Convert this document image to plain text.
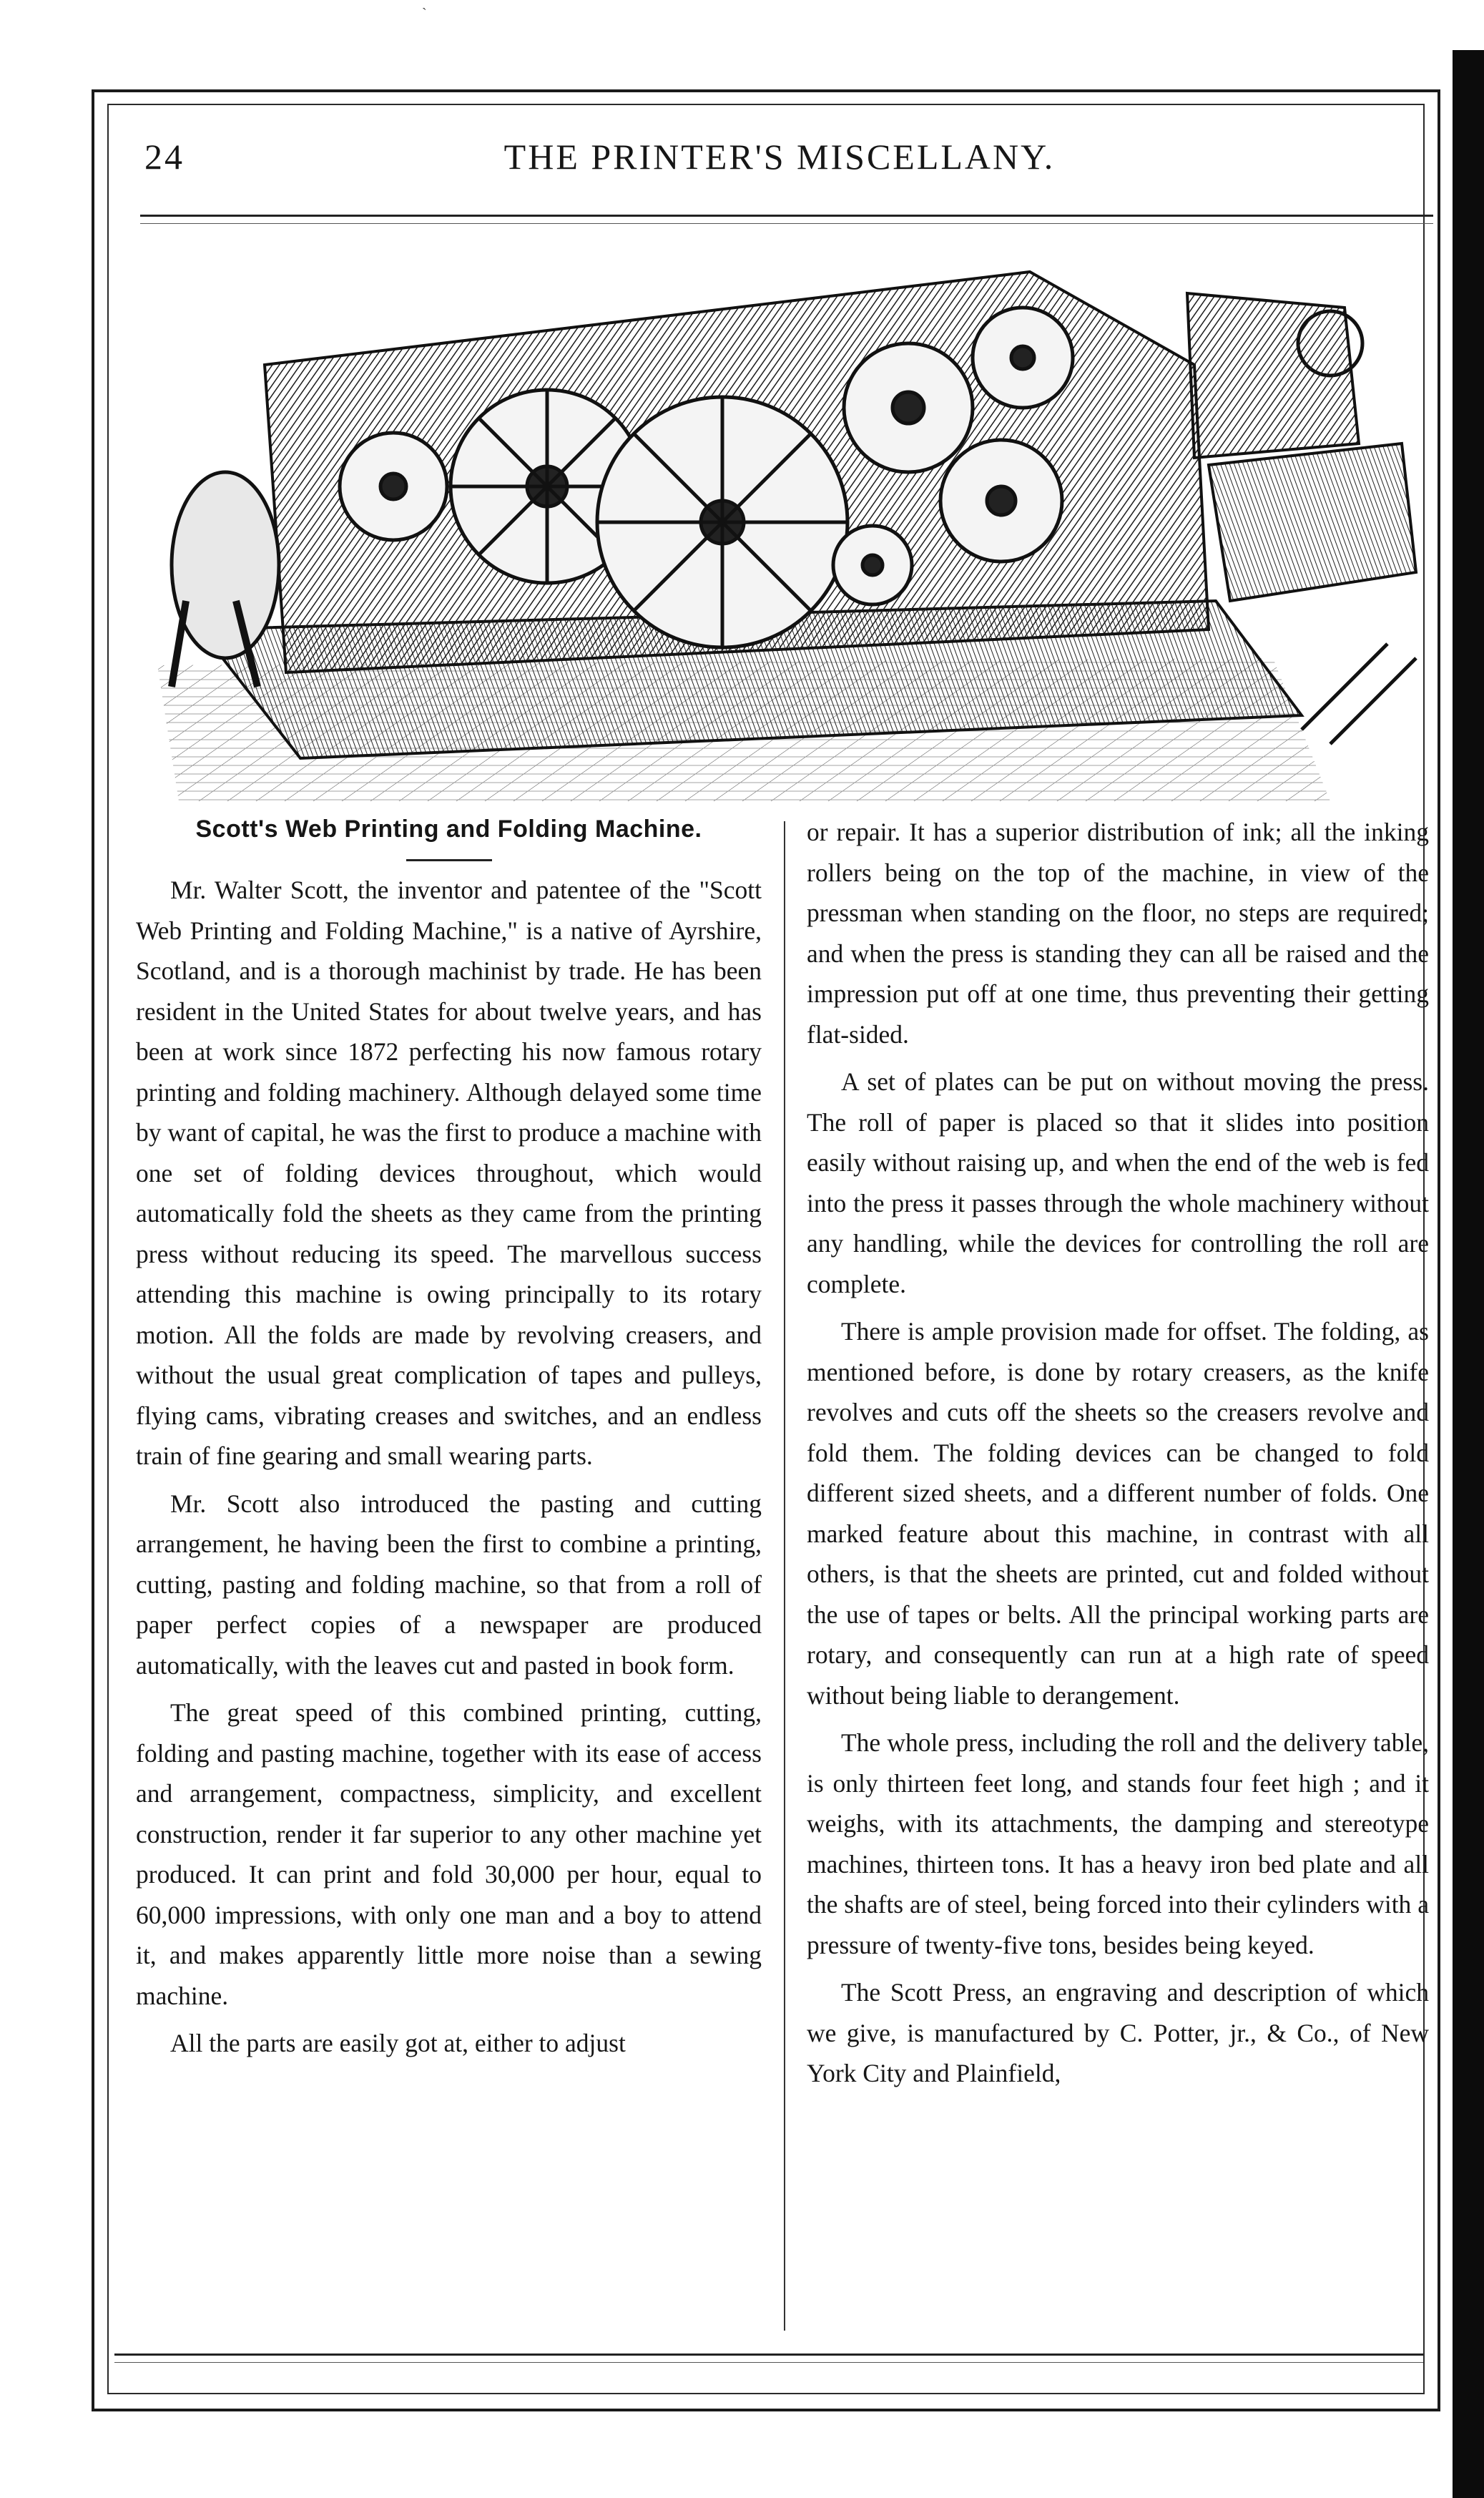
`
24	THE PRINTER'S MISCELLANY.
Scott's Web Printing and Folding Machine.

Mr. Walter Scott, the inventor and patentee of the "Scott Web Printing and Folding Machine," is a native of Ayrshire, Scotland, and is a thorough machinist by trade. He has been resident in the United States for about twelve years, and has been at work since 1872 perfecting his now famous rotary printing and folding machinery. Although delayed some time by want of capital, he was the first to produce a machine with one set of folding devices throughout, which would automatically fold the sheets as they came from the printing press without reducing its speed. The marvellous success attending this machine is owing principally to its rotary motion. All the folds are made by revolving creasers, and without the usual great complication of tapes and pulleys, flying cams, vibrating creases and switches, and an endless train of fine gearing and small wearing parts.

Mr. Scott also introduced the pasting and cutting arrangement, he having been the first to combine a printing, cutting, pasting and folding machine, so that from a roll of paper perfect copies of a newspaper are produced automatically, with the leaves cut and pasted in book form.

The great speed of this combined printing, cutting, folding and pasting machine, together with its ease of access and arrangement, compactness, simplicity, and excellent construction, render it far superior to any other machine yet produced. It can print and fold 30,000 per hour, equal to 60,000 impressions, with only one man and a boy to attend it, and makes apparently little more noise than a sewing machine.

All the parts are easily got at, either to adjust

or repair. It has a superior distribution of ink; all the inking rollers being on the top of the machine, in view of the pressman when standing on the floor, no steps are required; and when the press is standing they can all be raised and the impression put off at one time, thus preventing their getting flat-sided.

A set of plates can be put on without moving the press. The roll of paper is placed so that it slides into position easily without raising up, and when the end of the web is fed into the press it passes through the whole machinery without any handling, while the devices for controlling the roll are complete.

There is ample provision made for offset. The folding, as mentioned before, is done by rotary creasers, as the knife revolves and cuts off the sheets so the creasers revolve and fold them. The folding devices can be changed to fold different sized sheets, and a different number of folds. One marked feature about this machine, in contrast with all others, is that the sheets are printed, cut and folded without the use of tapes or belts. All the principal working parts are rotary, and consequently can run at a high rate of speed without being liable to derangement.

The whole press, including the roll and the delivery table, is only thirteen feet long, and stands four feet high ; and it weighs, with its attachments, the damping and stereotype machines, thirteen tons. It has a heavy iron bed plate and all the shafts are of steel, being forced into their cylinders with a pressure of twenty-five tons, besides being keyed.

The Scott Press, an engraving and description of which we give, is manufactured by C. Potter, jr., & Co., of New York City and Plainfield,
